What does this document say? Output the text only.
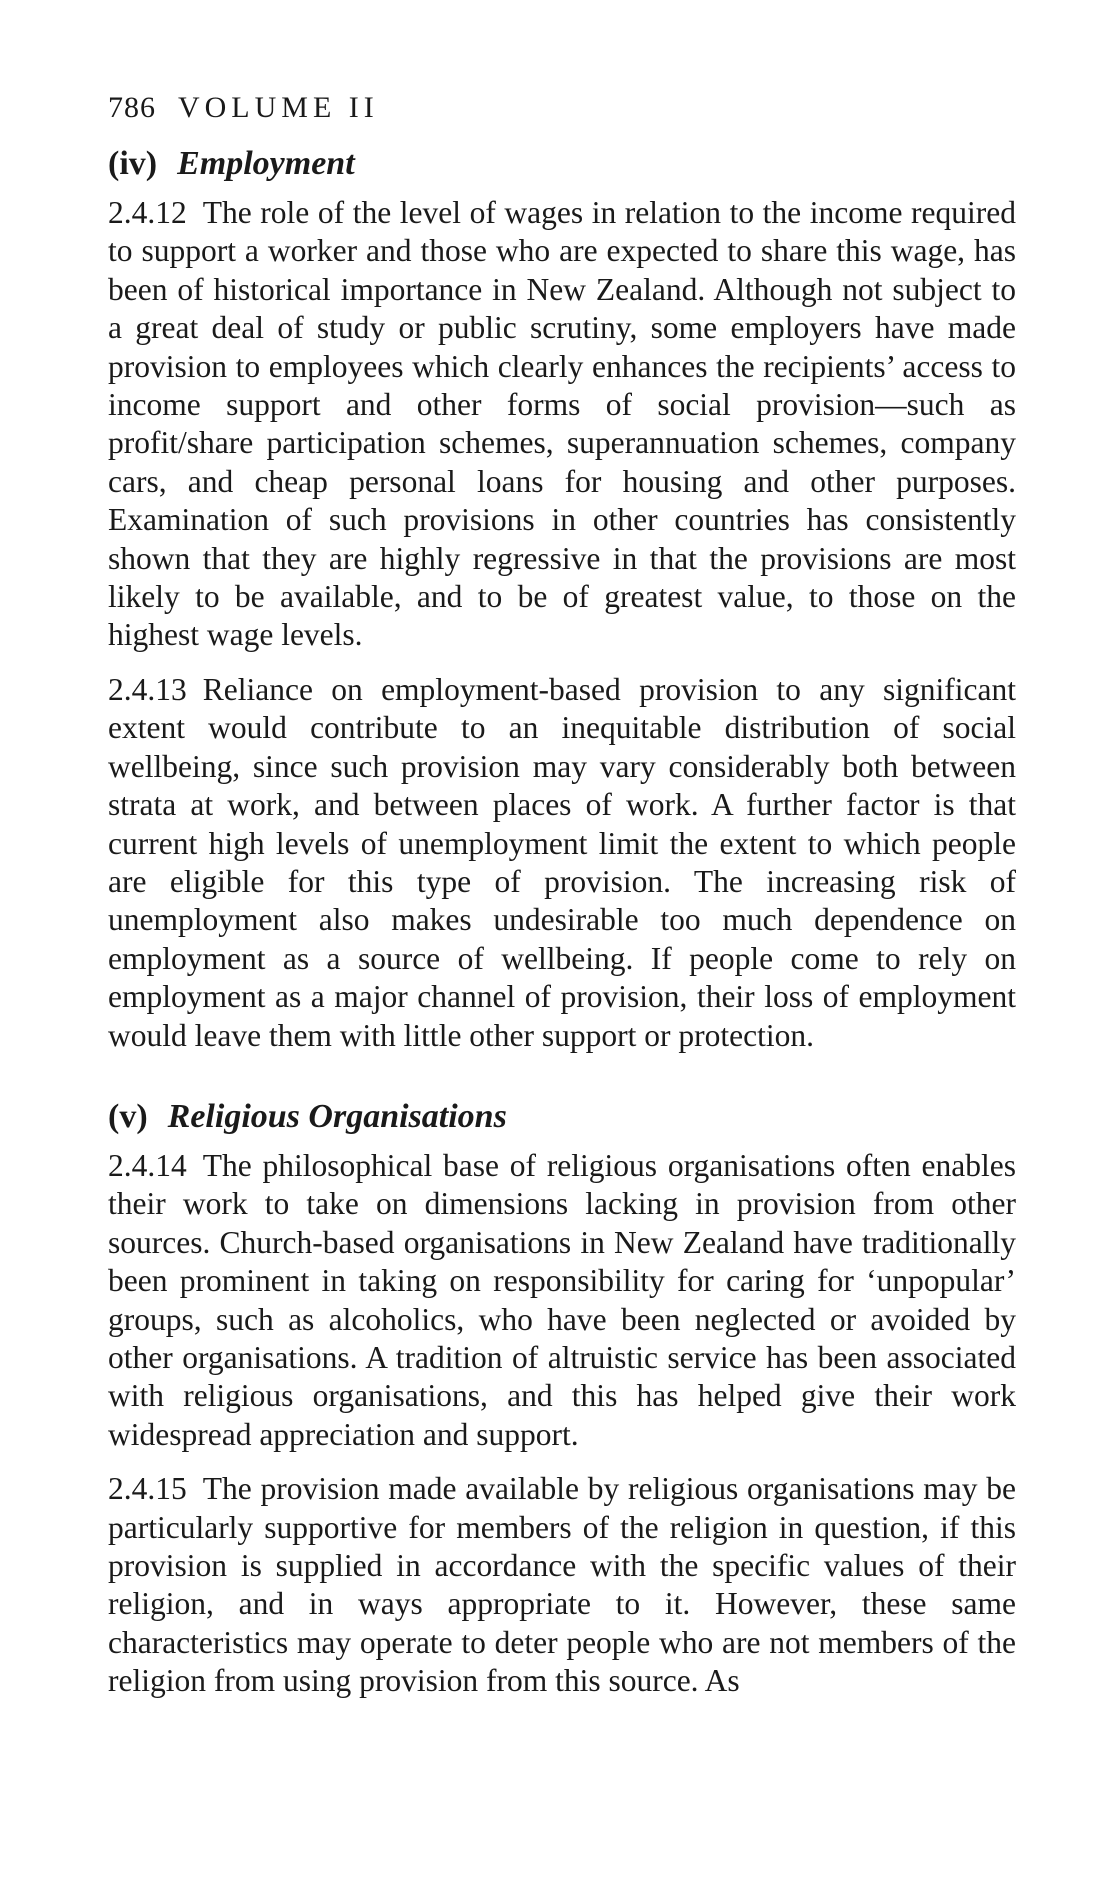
786 VOLUME II
(iv) Employment

2.4.12 The role of the level of wages in relation to the income required to support a worker and those who are expected to share this wage, has been of historical importance in New Zealand. Although not subject to a great deal of study or public scrutiny, some employers have made provision to employees which clearly enhances the recipients’ access to income support and other forms of social provision—such as profit/share participation schemes, superannuation schemes, company cars, and cheap personal loans for housing and other purposes. Examination of such provisions in other countries has consistently shown that they are highly regressive in that the provisions are most likely to be available, and to be of greatest value, to those on the highest wage levels.

2.4.13 Reliance on employment-based provision to any significant extent would contribute to an inequitable distribution of social wellbeing, since such provision may vary considerably both between strata at work, and between places of work. A further factor is that current high levels of unemployment limit the extent to which people are eligible for this type of provision. The increasing risk of unemployment also makes undesirable too much dependence on employment as a source of wellbeing. If people come to rely on employment as a major channel of provision, their loss of employment would leave them with little other support or protection.

(v) Religious Organisations

2.4.14 The philosophical base of religious organisations often enables their work to take on dimensions lacking in provision from other sources. Church-based organisations in New Zealand have traditionally been prominent in taking on responsibility for caring for ‘unpopular’ groups, such as alcoholics, who have been neglected or avoided by other organisations. A tradition of altruistic service has been associated with religious organisations, and this has helped give their work widespread appreciation and support.

2.4.15 The provision made available by religious organisations may be particularly supportive for members of the religion in question, if this provision is supplied in accordance with the specific values of their religion, and in ways appropriate to it. However, these same characteristics may operate to deter people who are not members of the religion from using provision from this source. As
